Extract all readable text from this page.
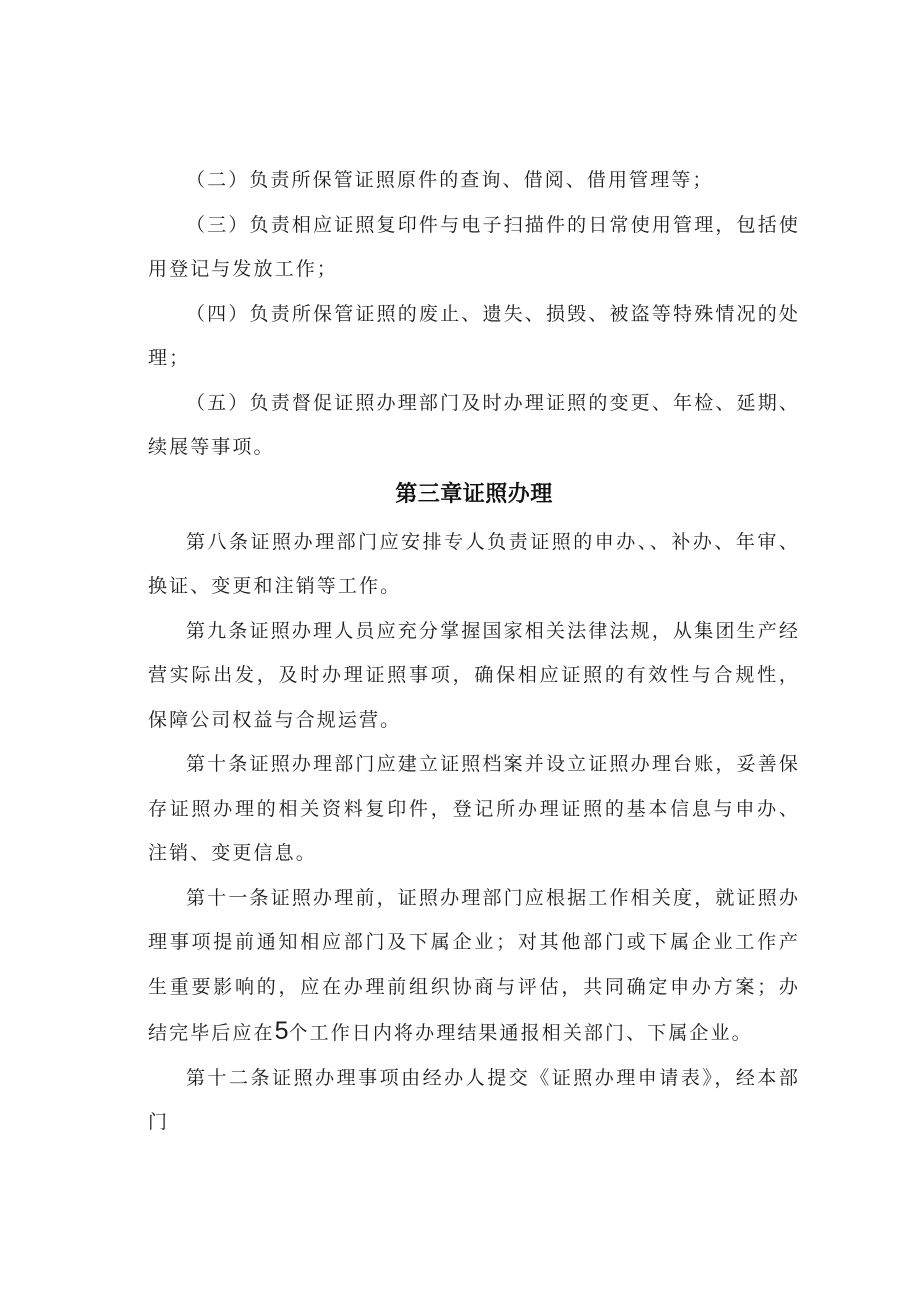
（二）负责所保管证照原件的查询、借阅、借用管理等；

（三）负责相应证照复印件与电子扫描件的日常使用管理，包括使用登记与发放工作；

（四）负责所保管证照的废止、遗失、损毁、被盗等特殊情况的处理；

（五）负责督促证照办理部门及时办理证照的变更、年检、延期、续展等事项。

第三章证照办理

第八条证照办理部门应安排专人负责证照的申办、、补办、年审、换证、变更和注销等工作。

第九条证照办理人员应充分掌握国家相关法律法规，从集团生产经营实际出发，及时办理证照事项，确保相应证照的有效性与合规性，保障公司权益与合规运营。

第十条证照办理部门应建立证照档案并设立证照办理台账，妥善保存证照办理的相关资料复印件，登记所办理证照的基本信息与申办、注销、变更信息。

第十一条证照办理前，证照办理部门应根据工作相关度，就证照办理事项提前通知相应部门及下属企业；对其他部门或下属企业工作产生重要影响的，应在办理前组织协商与评估，共同确定申办方案；办结完毕后应在5个工作日内将办理结果通报相关部门、下属企业。

第十二条证照办理事项由经办人提交《证照办理申请表》，经本部门
